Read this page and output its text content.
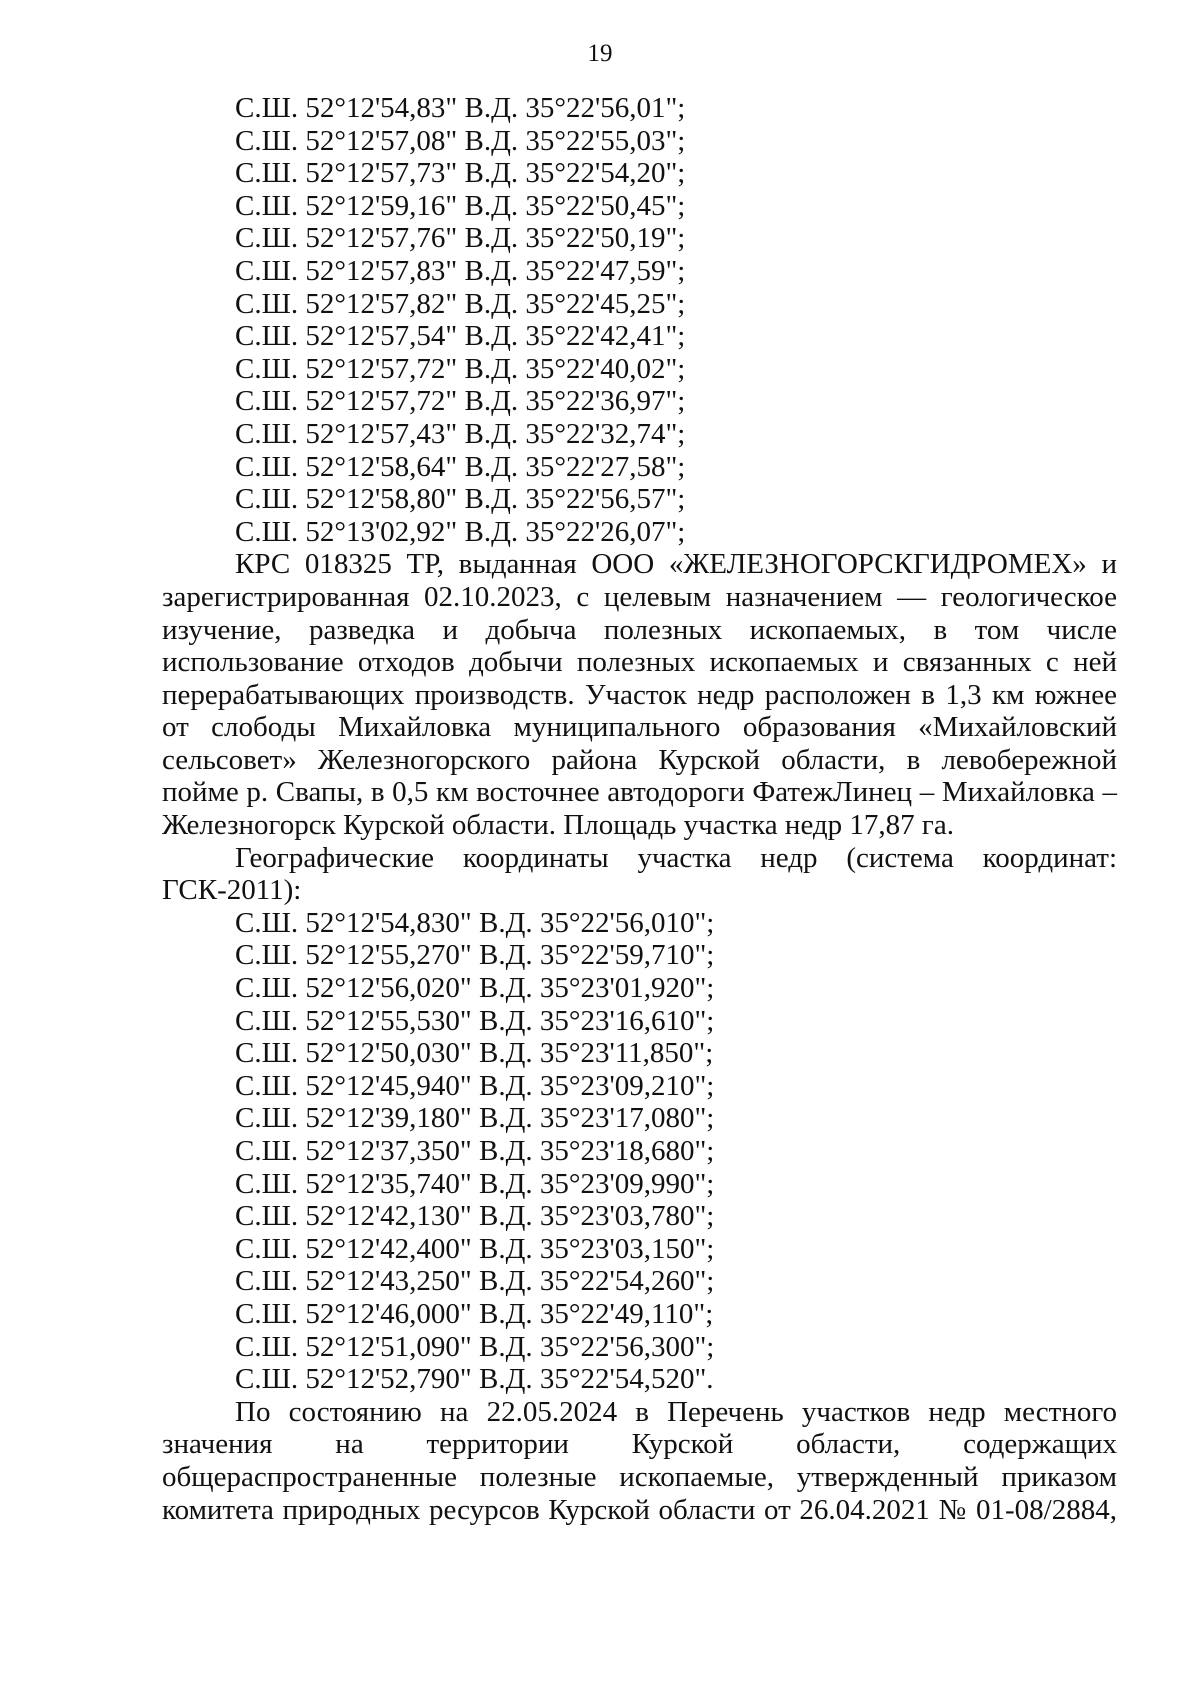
19
С.Ш. 52°12'54,83" В.Д. 35°22'56,01";
С.Ш. 52°12'57,08" В.Д. 35°22'55,03";
С.Ш. 52°12'57,73" В.Д. 35°22'54,20";
С.Ш. 52°12'59,16" В.Д. 35°22'50,45";
С.Ш. 52°12'57,76" В.Д. 35°22'50,19";
С.Ш. 52°12'57,83" В.Д. 35°22'47,59";
С.Ш. 52°12'57,82" В.Д. 35°22'45,25";
С.Ш. 52°12'57,54" В.Д. 35°22'42,41";
С.Ш. 52°12'57,72" В.Д. 35°22'40,02";
С.Ш. 52°12'57,72" В.Д. 35°22'36,97";
С.Ш. 52°12'57,43" В.Д. 35°22'32,74";
С.Ш. 52°12'58,64" В.Д. 35°22'27,58";
С.Ш. 52°12'58,80" В.Д. 35°22'56,57";
С.Ш. 52°13'02,92" В.Д. 35°22'26,07";
КРС 018325 ТР, выданная ООО «ЖЕЛЕЗНОГОРСКГИДРОМЕХ» и зарегистрированная 02.10.2023, с целевым назначением — геологическое изучение, разведка и добыча полезных ископаемых, в том числе использование отходов добычи полезных ископаемых и связанных с ней перерабатывающих производств. Участок недр расположен в 1,3 км южнее от слободы Михайловка муниципального образования «Михайловский сельсовет» Железногорского района Курской области, в левобережной пойме р. Свапы, в 0,5 км восточнее автодороги ФатежЛинец – Михайловка – Железногорск Курской области. Площадь участка недр 17,87 га.
Географические координаты участка недр (система координат: ГСК-2011):
С.Ш. 52°12'54,830" В.Д. 35°22'56,010";
С.Ш. 52°12'55,270" В.Д. 35°22'59,710";
С.Ш. 52°12'56,020" В.Д. 35°23'01,920";
С.Ш. 52°12'55,530" В.Д. 35°23'16,610";
С.Ш. 52°12'50,030" В.Д. 35°23'11,850";
С.Ш. 52°12'45,940" В.Д. 35°23'09,210";
С.Ш. 52°12'39,180" В.Д. 35°23'17,080";
С.Ш. 52°12'37,350" В.Д. 35°23'18,680";
С.Ш. 52°12'35,740" В.Д. 35°23'09,990";
С.Ш. 52°12'42,130" В.Д. 35°23'03,780";
С.Ш. 52°12'42,400" В.Д. 35°23'03,150";
С.Ш. 52°12'43,250" В.Д. 35°22'54,260";
С.Ш. 52°12'46,000" В.Д. 35°22'49,110";
С.Ш. 52°12'51,090" В.Д. 35°22'56,300";
С.Ш. 52°12'52,790" В.Д. 35°22'54,520".
По состоянию на 22.05.2024 в Перечень участков недр местного значения на территории Курской области, содержащих общераспространенные полезные ископаемые, утвержденный приказом комитета природных ресурсов Курской области от 26.04.2021 № 01-08/2884,
